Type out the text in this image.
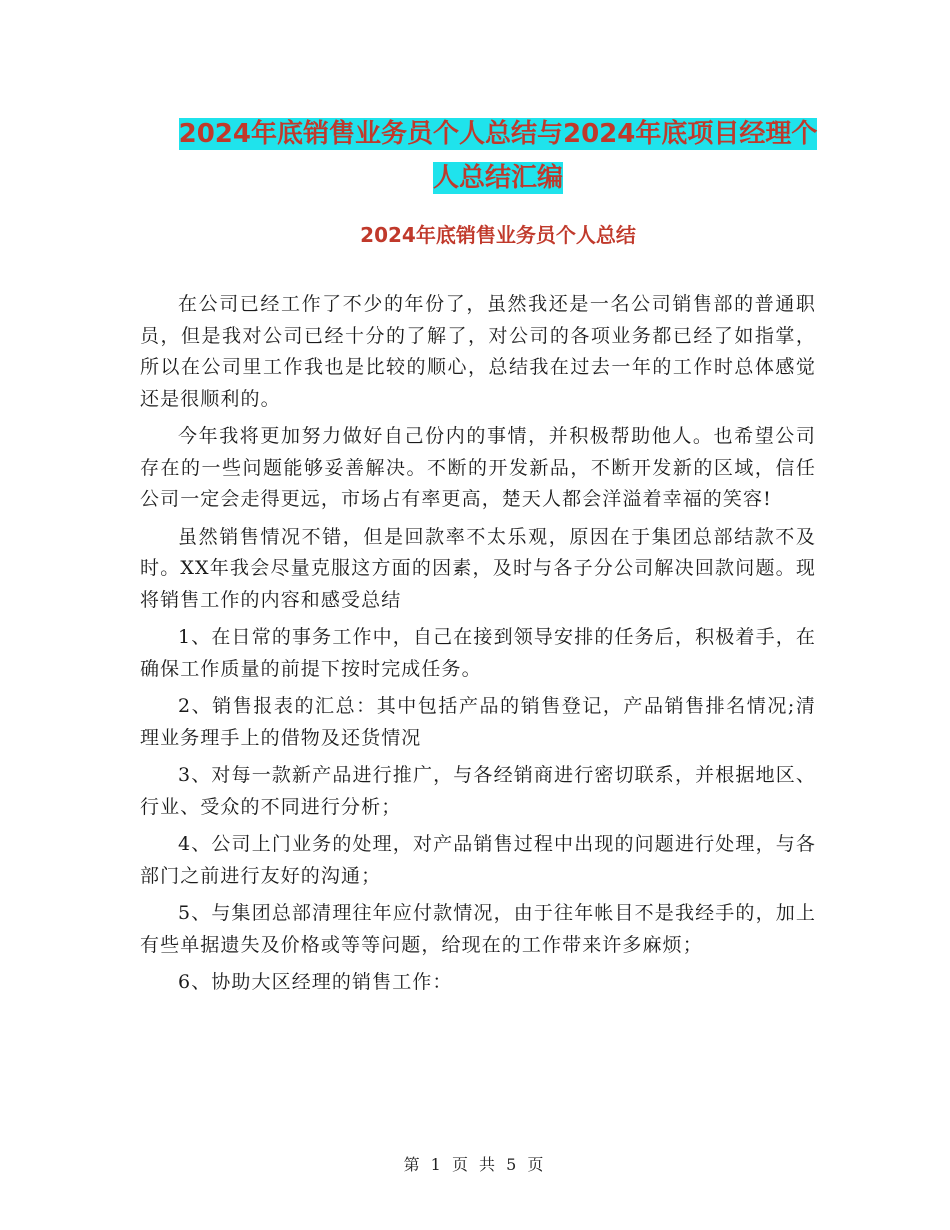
2024年底销售业务员个人总结与2024年底项目经理个
人总结汇编
2024年底销售业务员个人总结

在公司已经工作了不少的年份了，虽然我还是一名公司销售部的普通职员，但是我对公司已经十分的了解了，对公司的各项业务都已经了如指掌，所以在公司里工作我也是比较的顺心，总结我在过去一年的工作时总体感觉还是很顺利的。

今年我将更加努力做好自己份内的事情，并积极帮助他人。也希望公司存在的一些问题能够妥善解决。不断的开发新品，不断开发新的区域，信任公司一定会走得更远，市场占有率更高，楚天人都会洋溢着幸福的笑容!

虽然销售情况不错，但是回款率不太乐观，原因在于集团总部结款不及时。XX年我会尽量克服这方面的因素，及时与各子分公司解决回款问题。现将销售工作的内容和感受总结

1、在日常的事务工作中，自己在接到领导安排的任务后，积极着手，在确保工作质量的前提下按时完成任务。

2、销售报表的汇总：其中包括产品的销售登记，产品销售排名情况;清理业务理手上的借物及还货情况

3、对每一款新产品进行推广，与各经销商进行密切联系，并根据地区、行业、受众的不同进行分析；

4、公司上门业务的处理，对产品销售过程中出现的问题进行处理，与各部门之前进行友好的沟通；

5、与集团总部清理往年应付款情况，由于往年帐目不是我经手的，加上有些单据遗失及价格或等等问题，给现在的工作带来许多麻烦；

6、协助大区经理的销售工作：

第 1 页 共 5 页
